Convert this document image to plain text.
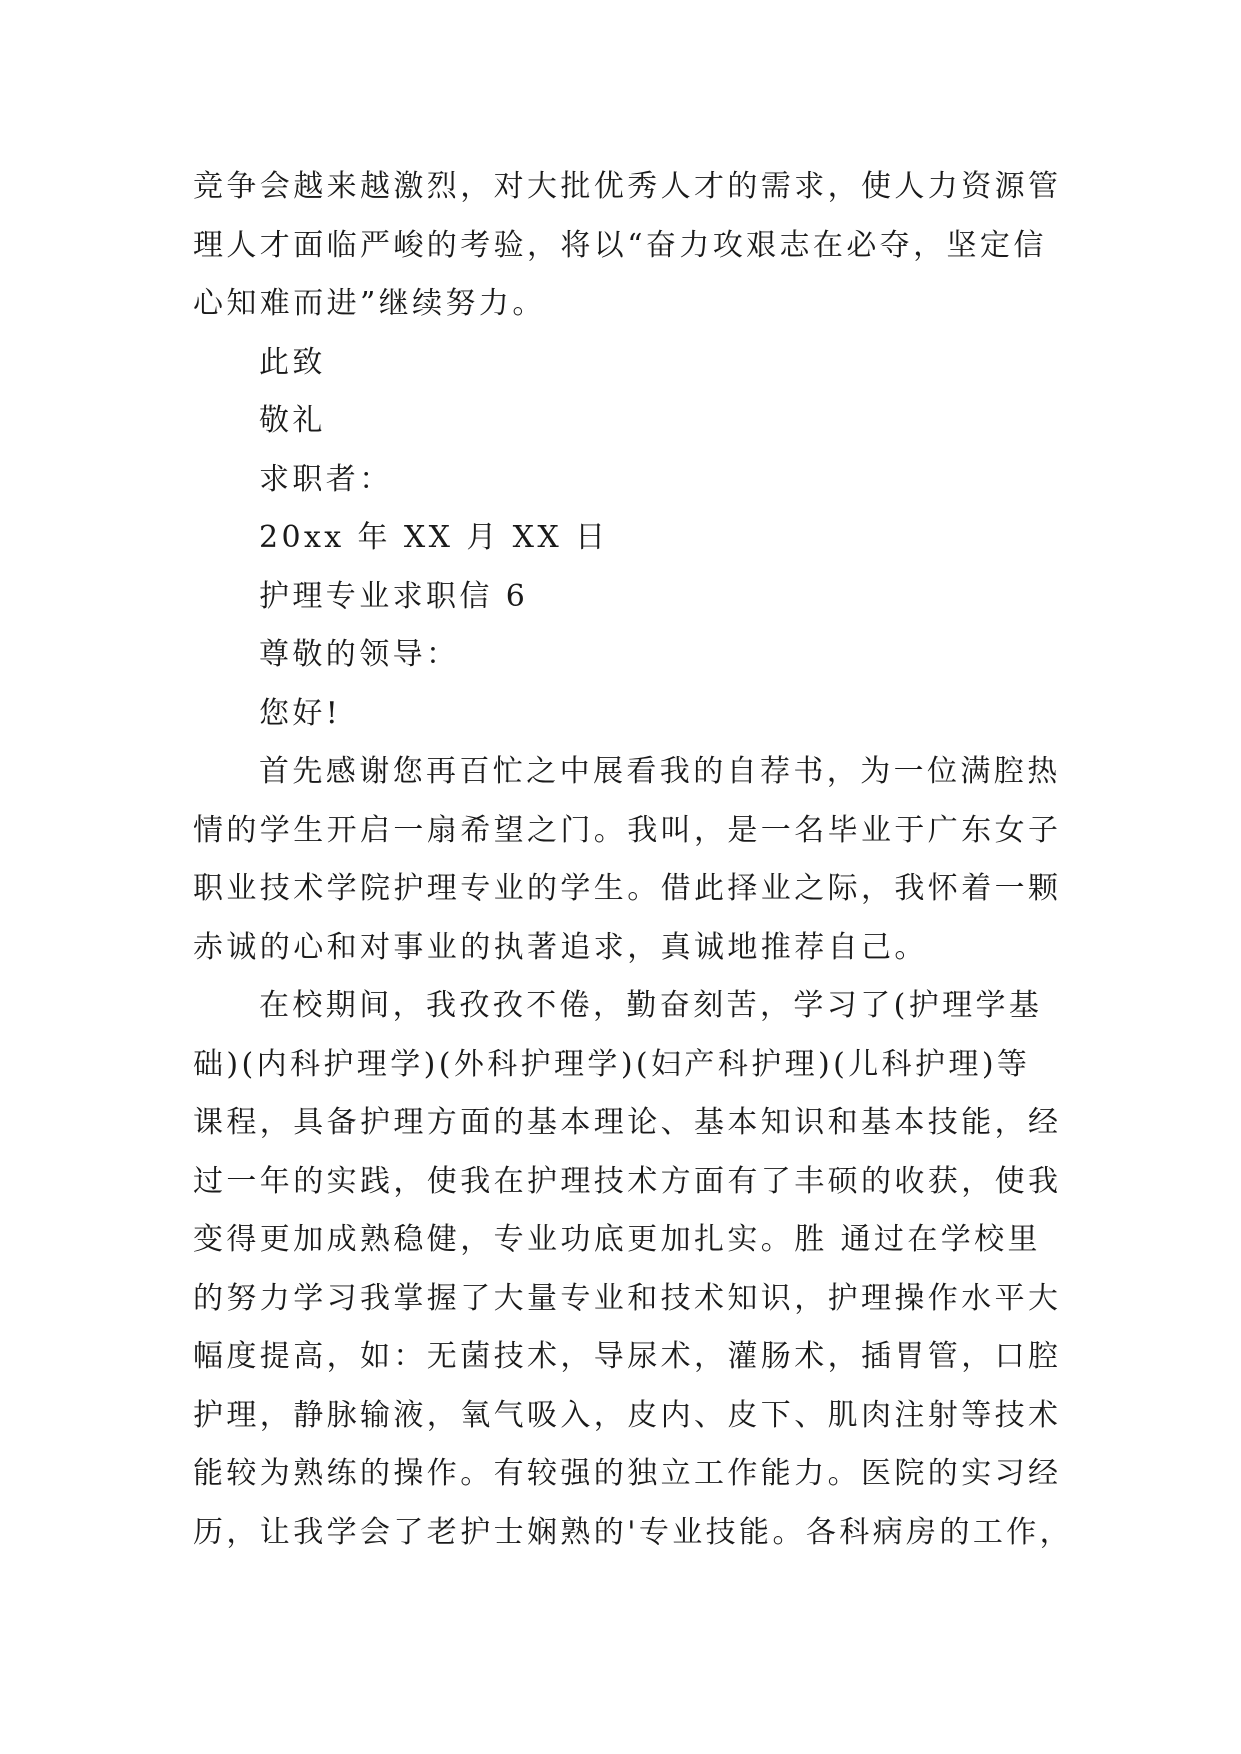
竞争会越来越激烈，对大批优秀人才的需求，使人力资源管
理人才面临严峻的考验，将以“奋力攻艰志在必夺，坚定信
心知难而进”继续努力。
此致
敬礼
求职者：
20xx 年 XX 月 XX 日
护理专业求职信 6
尊敬的领导：
您好!
首先感谢您再百忙之中展看我的自荐书，为一位满腔热
情的学生开启一扇希望之门。我叫，是一名毕业于广东女子
职业技术学院护理专业的学生。借此择业之际，我怀着一颗
赤诚的心和对事业的执著追求，真诚地推荐自己。
在校期间，我孜孜不倦，勤奋刻苦，学习了(护理学基
础)(内科护理学)(外科护理学)(妇产科护理)(儿科护理)等
课程，具备护理方面的基本理论、基本知识和基本技能，经
过一年的实践，使我在护理技术方面有了丰硕的收获，使我
变得更加成熟稳健，专业功底更加扎实。胜 通过在学校里
的努力学习我掌握了大量专业和技术知识，护理操作水平大
幅度提高，如：无菌技术，导尿术，灌肠术，插胃管，口腔
护理，静脉输液，氧气吸入，皮内、皮下、肌肉注射等技术
能较为熟练的操作。有较强的独立工作能力。医院的实习经
历，让我学会了老护士娴熟的'专业技能。各科病房的工作，
